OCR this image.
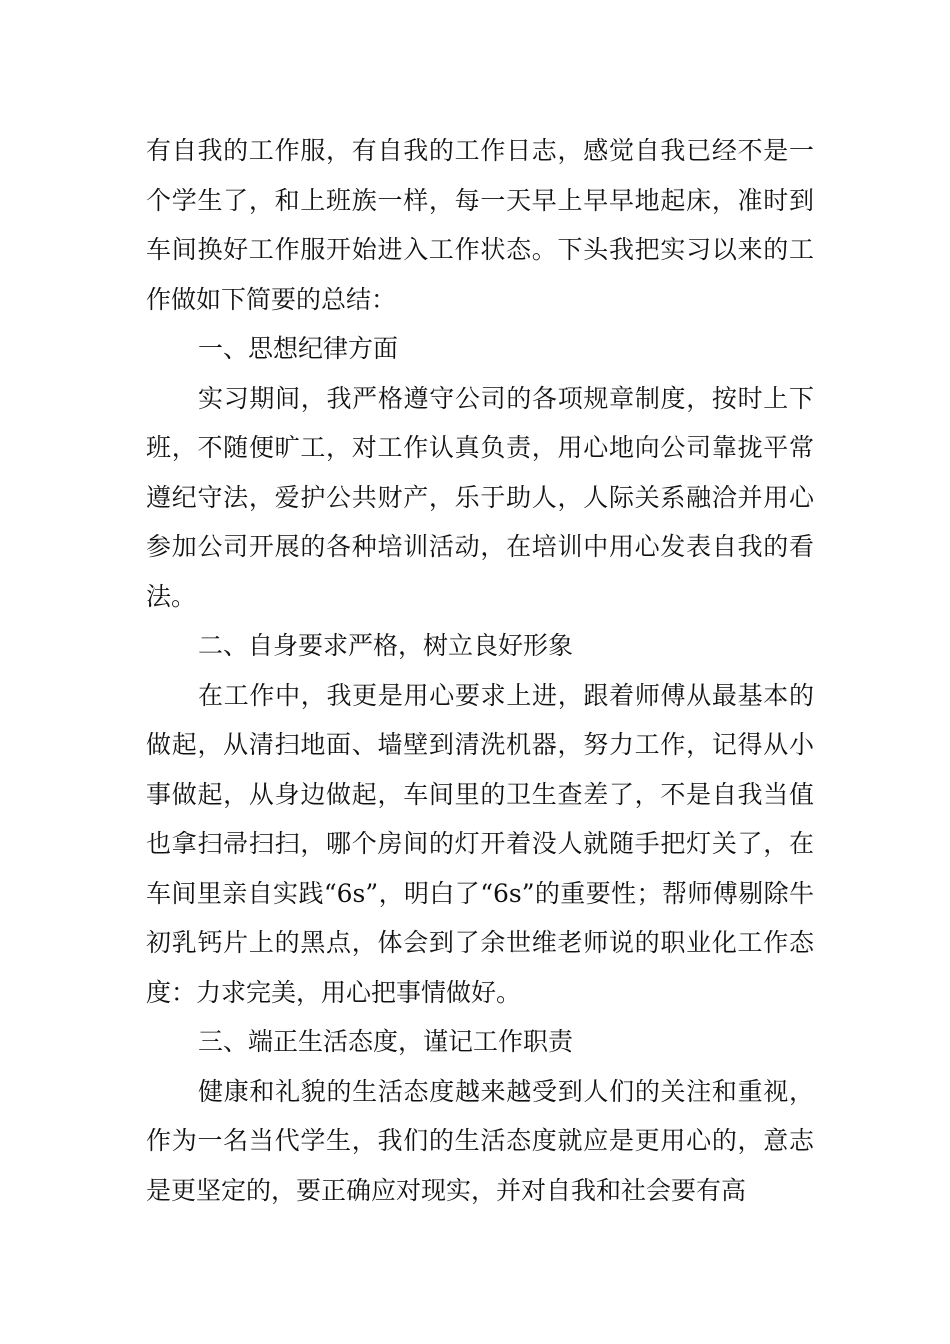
有自我的工作服，有自我的工作日志，感觉自我已经不是一个学生了，和上班族一样，每一天早上早早地起床，准时到车间换好工作服开始进入工作状态。下头我把实习以来的工作做如下简要的总结：

一、思想纪律方面

实习期间，我严格遵守公司的各项规章制度，按时上下班，不随便旷工，对工作认真负责，用心地向公司靠拢平常遵纪守法，爱护公共财产，乐于助人，人际关系融洽并用心参加公司开展的各种培训活动，在培训中用心发表自我的看法。

二、自身要求严格，树立良好形象

在工作中，我更是用心要求上进，跟着师傅从最基本的做起，从清扫地面、墙壁到清洗机器，努力工作，记得从小事做起，从身边做起，车间里的卫生查差了，不是自我当值也拿扫帚扫扫，哪个房间的灯开着没人就随手把灯关了，在车间里亲自实践“6s”，明白了“6s”的重要性；帮师傅剔除牛初乳钙片上的黑点，体会到了余世维老师说的职业化工作态度：力求完美，用心把事情做好。

三、端正生活态度，谨记工作职责

健康和礼貌的生活态度越来越受到人们的关注和重视，作为一名当代学生，我们的生活态度就应是更用心的，意志是更坚定的，要正确应对现实，并对自我和社会要有高
